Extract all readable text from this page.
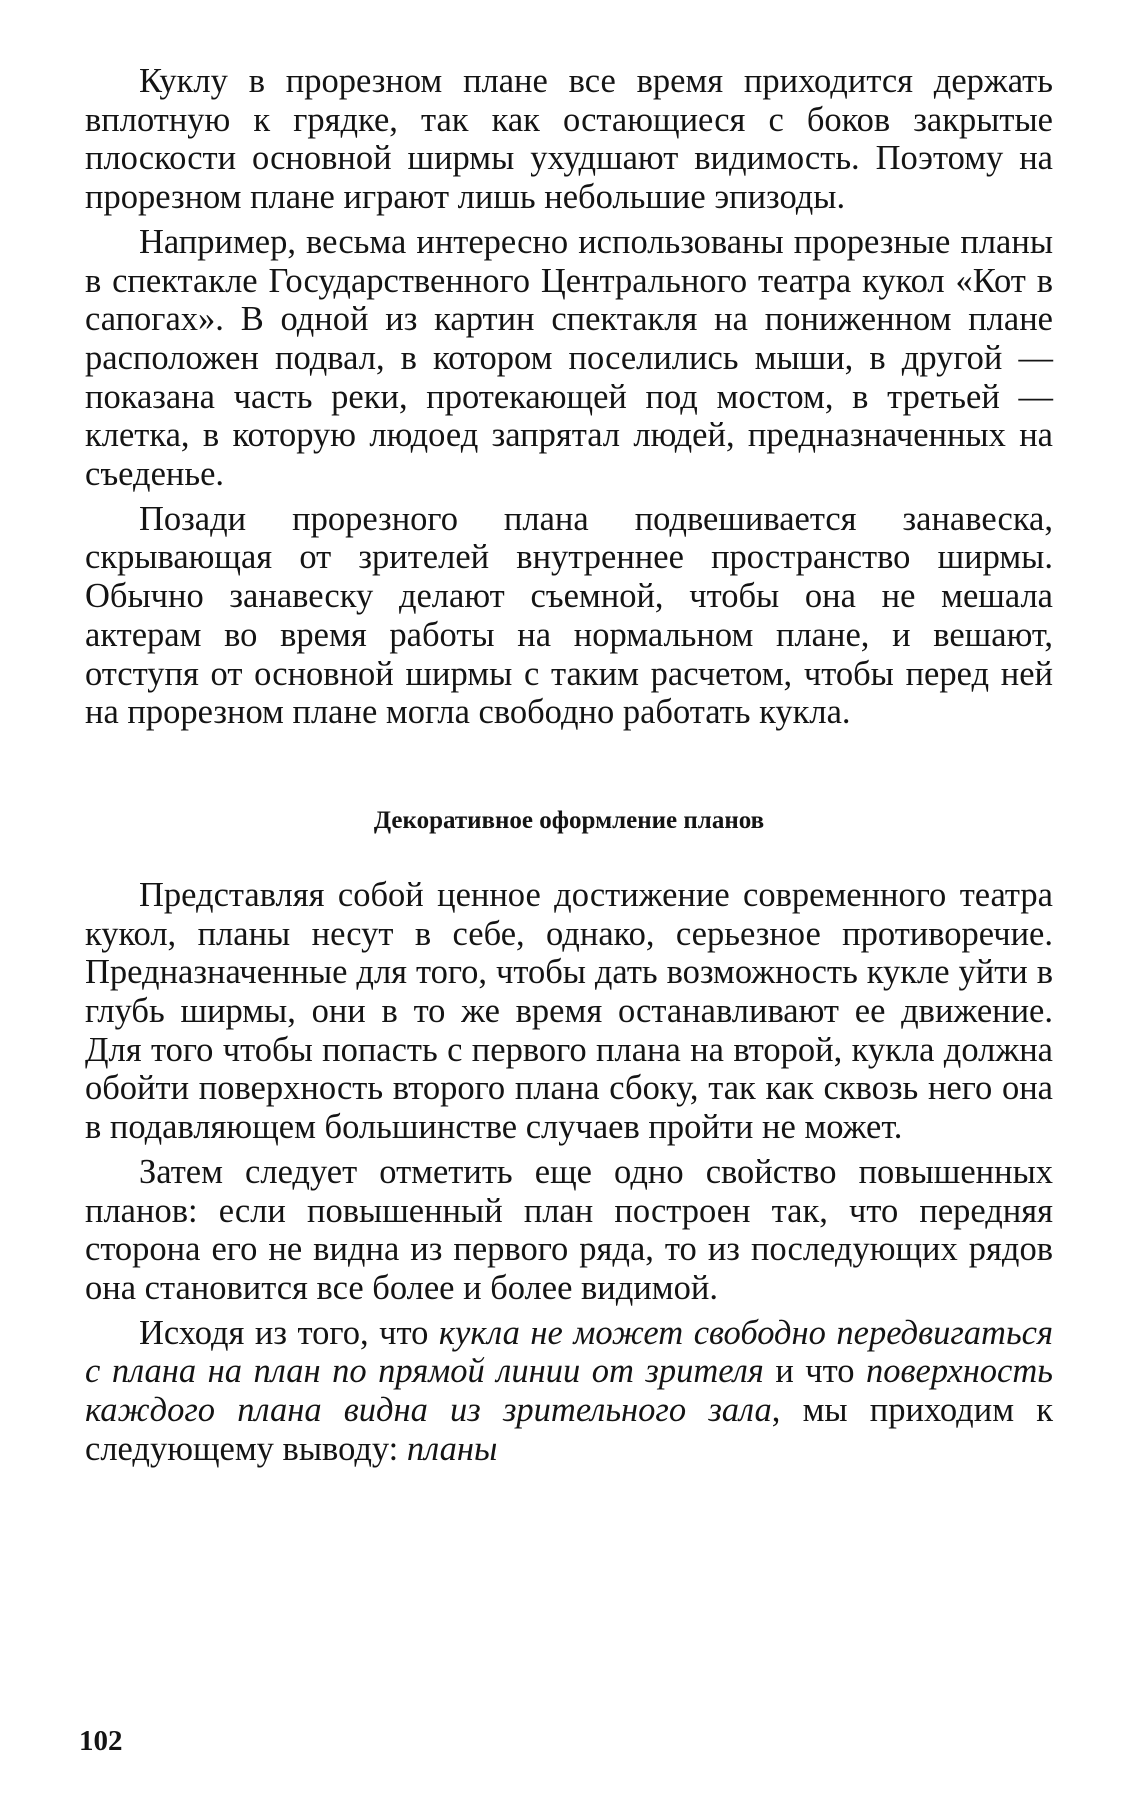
Куклу в прорезном плане все время приходится держать вплотную к грядке, так как остающиеся с боков закрытые плоскости основной ширмы ухудшают видимость. Поэтому на прорезном плане играют лишь небольшие эпизоды.

Например, весьма интересно использованы прорезные планы в спектакле Государственного Центрального театра кукол «Кот в сапогах». В одной из картин спектакля на пониженном плане расположен подвал, в котором поселились мыши, в другой — показана часть реки, протекающей под мостом, в третьей — клетка, в которую людоед запрятал людей, предназначенных на съеденье.

Позади прорезного плана подвешивается занавеска, скрывающая от зрителей внутреннее пространство ширмы. Обычно занавеску делают съемной, чтобы она не мешала актерам во время работы на нормальном плане, и вешают, отступя от основной ширмы с таким расчетом, чтобы перед ней на прорезном плане могла свободно работать кукла.

Декоративное оформление планов

Представляя собой ценное достижение современного театра кукол, планы несут в себе, однако, серьезное противоречие. Предназначенные для того, чтобы дать возможность кукле уйти в глубь ширмы, они в то же время останавливают ее движение. Для того чтобы попасть с первого плана на второй, кукла должна обойти поверхность второго плана сбоку, так как сквозь него она в подавляющем большинстве случаев пройти не может.

Затем следует отметить еще одно свойство повышенных планов: если повышенный план построен так, что передняя сторона его не видна из первого ряда, то из последующих рядов она становится все более и более видимой.

Исходя из того, что кукла не может свободно передвигаться с плана на план по прямой линии от зрителя и что поверхность каждого плана видна из зрительного зала, мы приходим к следующему выводу: планы

102
